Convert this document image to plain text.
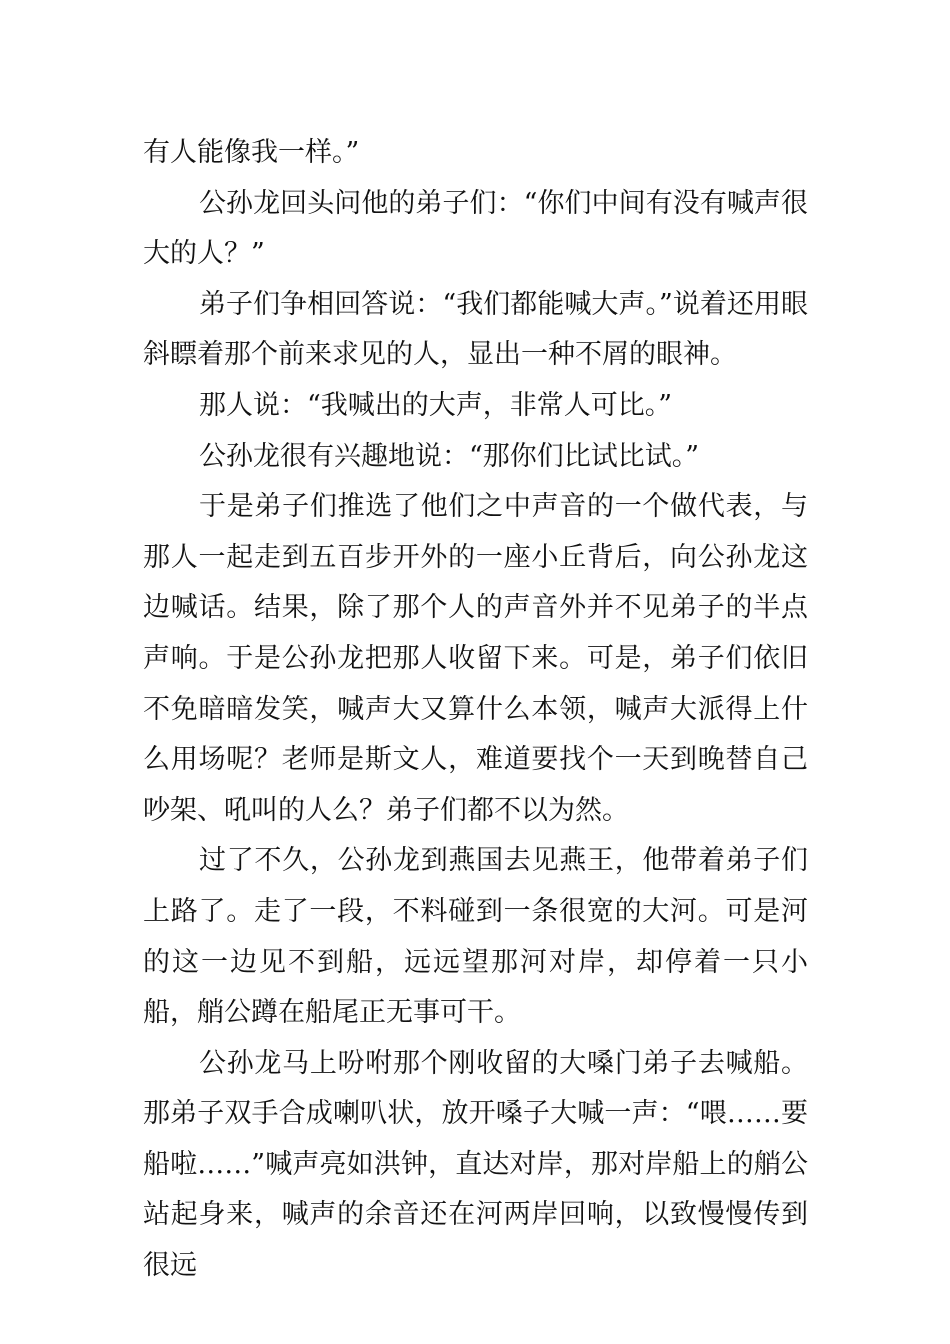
有人能像我一样。”

公孙龙回头问他的弟子们：“你们中间有没有喊声很大的人？”

弟子们争相回答说：“我们都能喊大声。”说着还用眼斜瞟着那个前来求见的人，显出一种不屑的眼神。

那人说：“我喊出的大声，非常人可比。”

公孙龙很有兴趣地说：“那你们比试比试。”

于是弟子们推选了他们之中声音的一个做代表，与那人一起走到五百步开外的一座小丘背后，向公孙龙这边喊话。结果，除了那个人的声音外并不见弟子的半点声响。于是公孙龙把那人收留下来。可是，弟子们依旧不免暗暗发笑，喊声大又算什么本领，喊声大派得上什么用场呢？老师是斯文人，难道要找个一天到晚替自己吵架、吼叫的人么？弟子们都不以为然。

过了不久，公孙龙到燕国去见燕王，他带着弟子们上路了。走了一段，不料碰到一条很宽的大河。可是河的这一边见不到船，远远望那河对岸，却停着一只小船，艄公蹲在船尾正无事可干。

公孙龙马上吩咐那个刚收留的大嗓门弟子去喊船。那弟子双手合成喇叭状，放开嗓子大喊一声：“喂……要船啦……”喊声亮如洪钟，直达对岸，那对岸船上的艄公站起身来，喊声的余音还在河两岸回响，以致慢慢传到很远
